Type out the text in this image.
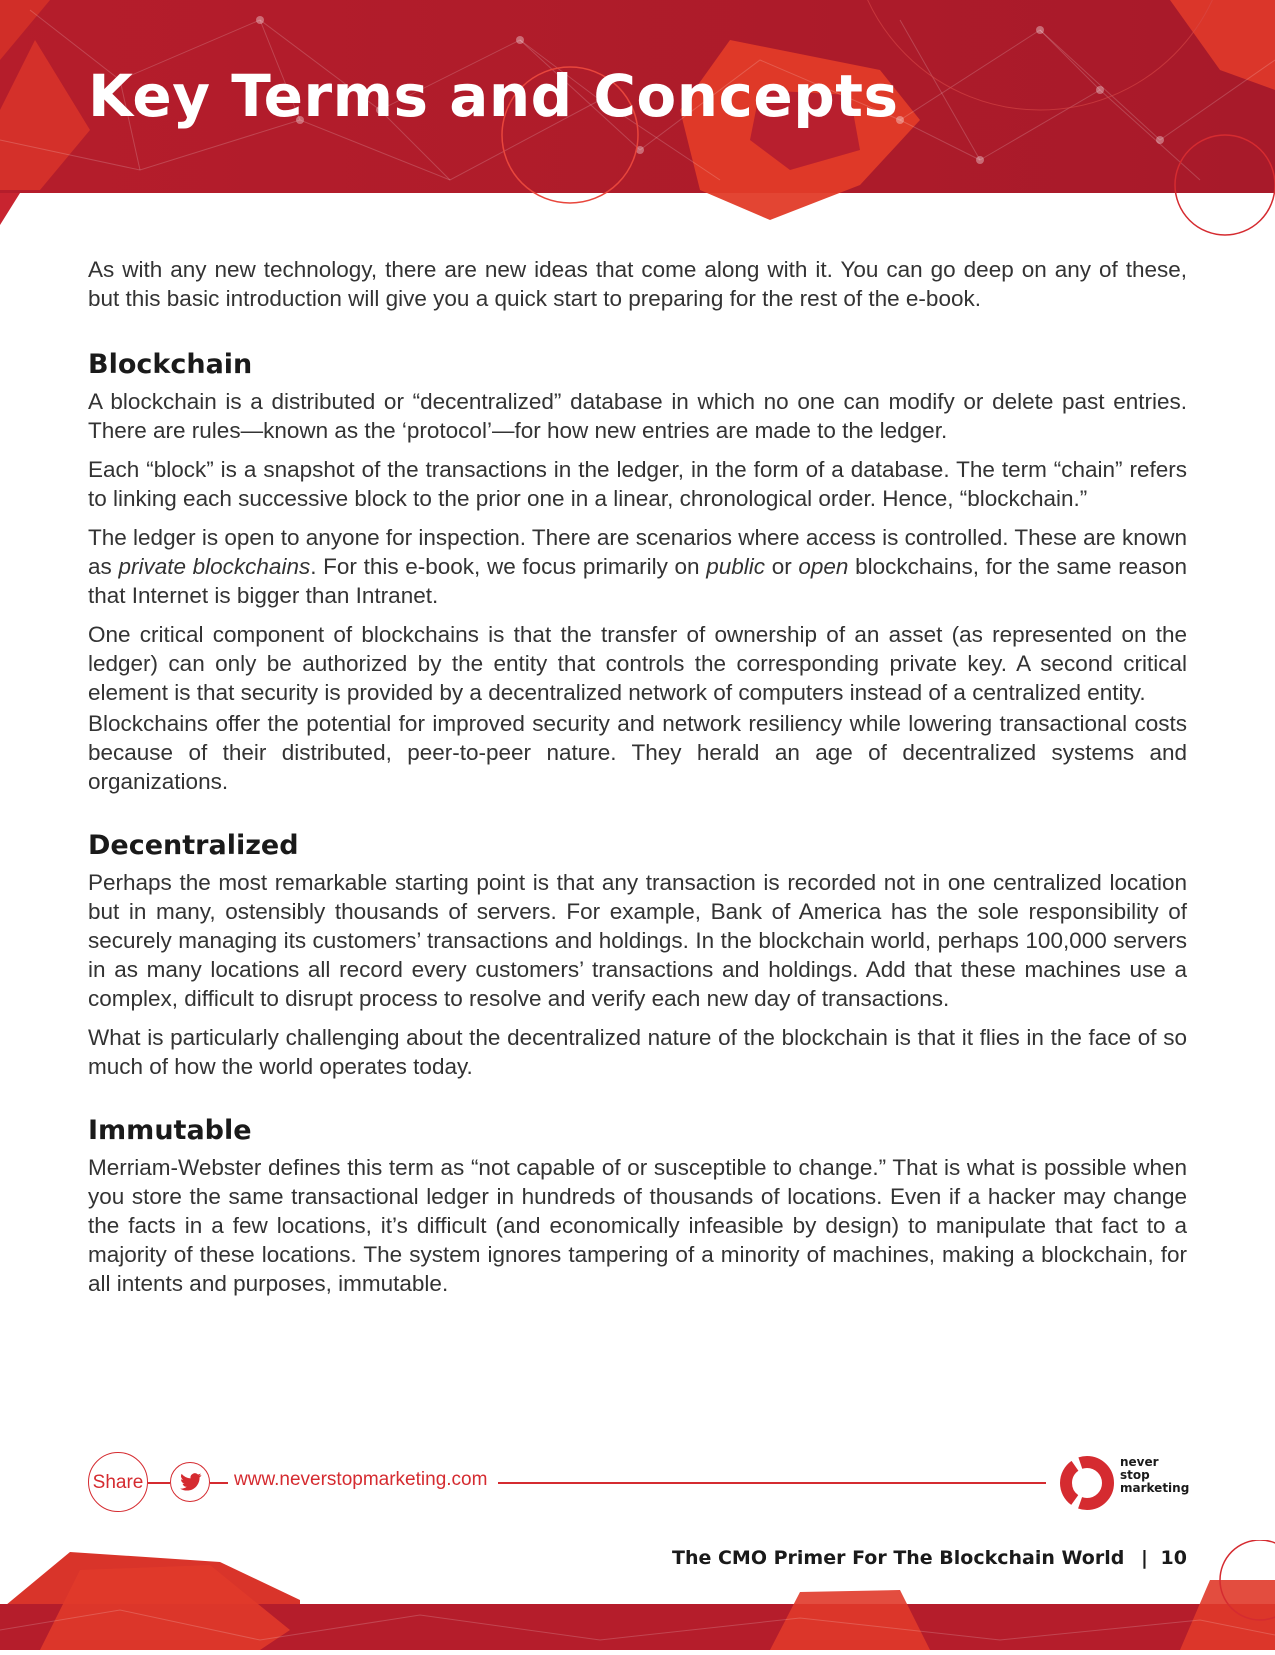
Key Terms and Concepts

As with any new technology, there are new ideas that come along with it. You can go deep on any of these, but this basic introduction will give you a quick start to preparing for the rest of the e-book.

Blockchain

A blockchain is a distributed or “decentralized” database in which no one can modify or delete past entries. There are rules—known as the ‘protocol’—for how new entries are made to the ledger.

Each “block” is a snapshot of the transactions in the ledger, in the form of a database. The term “chain” refers to linking each successive block to the prior one in a linear, chronological order. Hence, “blockchain.”

The ledger is open to anyone for inspection. There are scenarios where access is controlled. These are known as private blockchains. For this e-book, we focus primarily on public or open blockchains, for the same reason that Internet is bigger than Intranet.

One critical component of blockchains is that the transfer of ownership of an asset (as represented on the ledger) can only be authorized by the entity that controls the corresponding private key. A second critical element is that security is provided by a decentralized network of computers instead of a centralized entity.

Blockchains offer the potential for improved security and network resiliency while lowering transactional costs because of their distributed, peer-to-peer nature. They herald an age of decentralized systems and organizations.

Decentralized

Perhaps the most remarkable starting point is that any transaction is recorded not in one centralized location but in many, ostensibly thousands of servers. For example, Bank of America has the sole responsibility of securely managing its customers’ transactions and holdings. In the blockchain world, perhaps 100,000 servers in as many locations all record every customers’ transactions and holdings. Add that these machines use a complex, difficult to disrupt process to resolve and verify each new day of transactions.

What is particularly challenging about the decentralized nature of the blockchain is that it flies in the face of so much of how the world operates today.

Immutable

Merriam-Webster defines this term as “not capable of or susceptible to change.” That is what is possible when you store the same transactional ledger in hundreds of thousands of locations. Even if a hacker may change the facts in a few locations, it’s difficult (and economically infeasible by design) to manipulate that fact to a majority of these locations. The system ignores tampering of a minority of machines, making a blockchain, for all intents and purposes, immutable.

Share	www.neverstopmarketing.com
never
stop
marketing
The CMO Primer For The Blockchain World | 10
